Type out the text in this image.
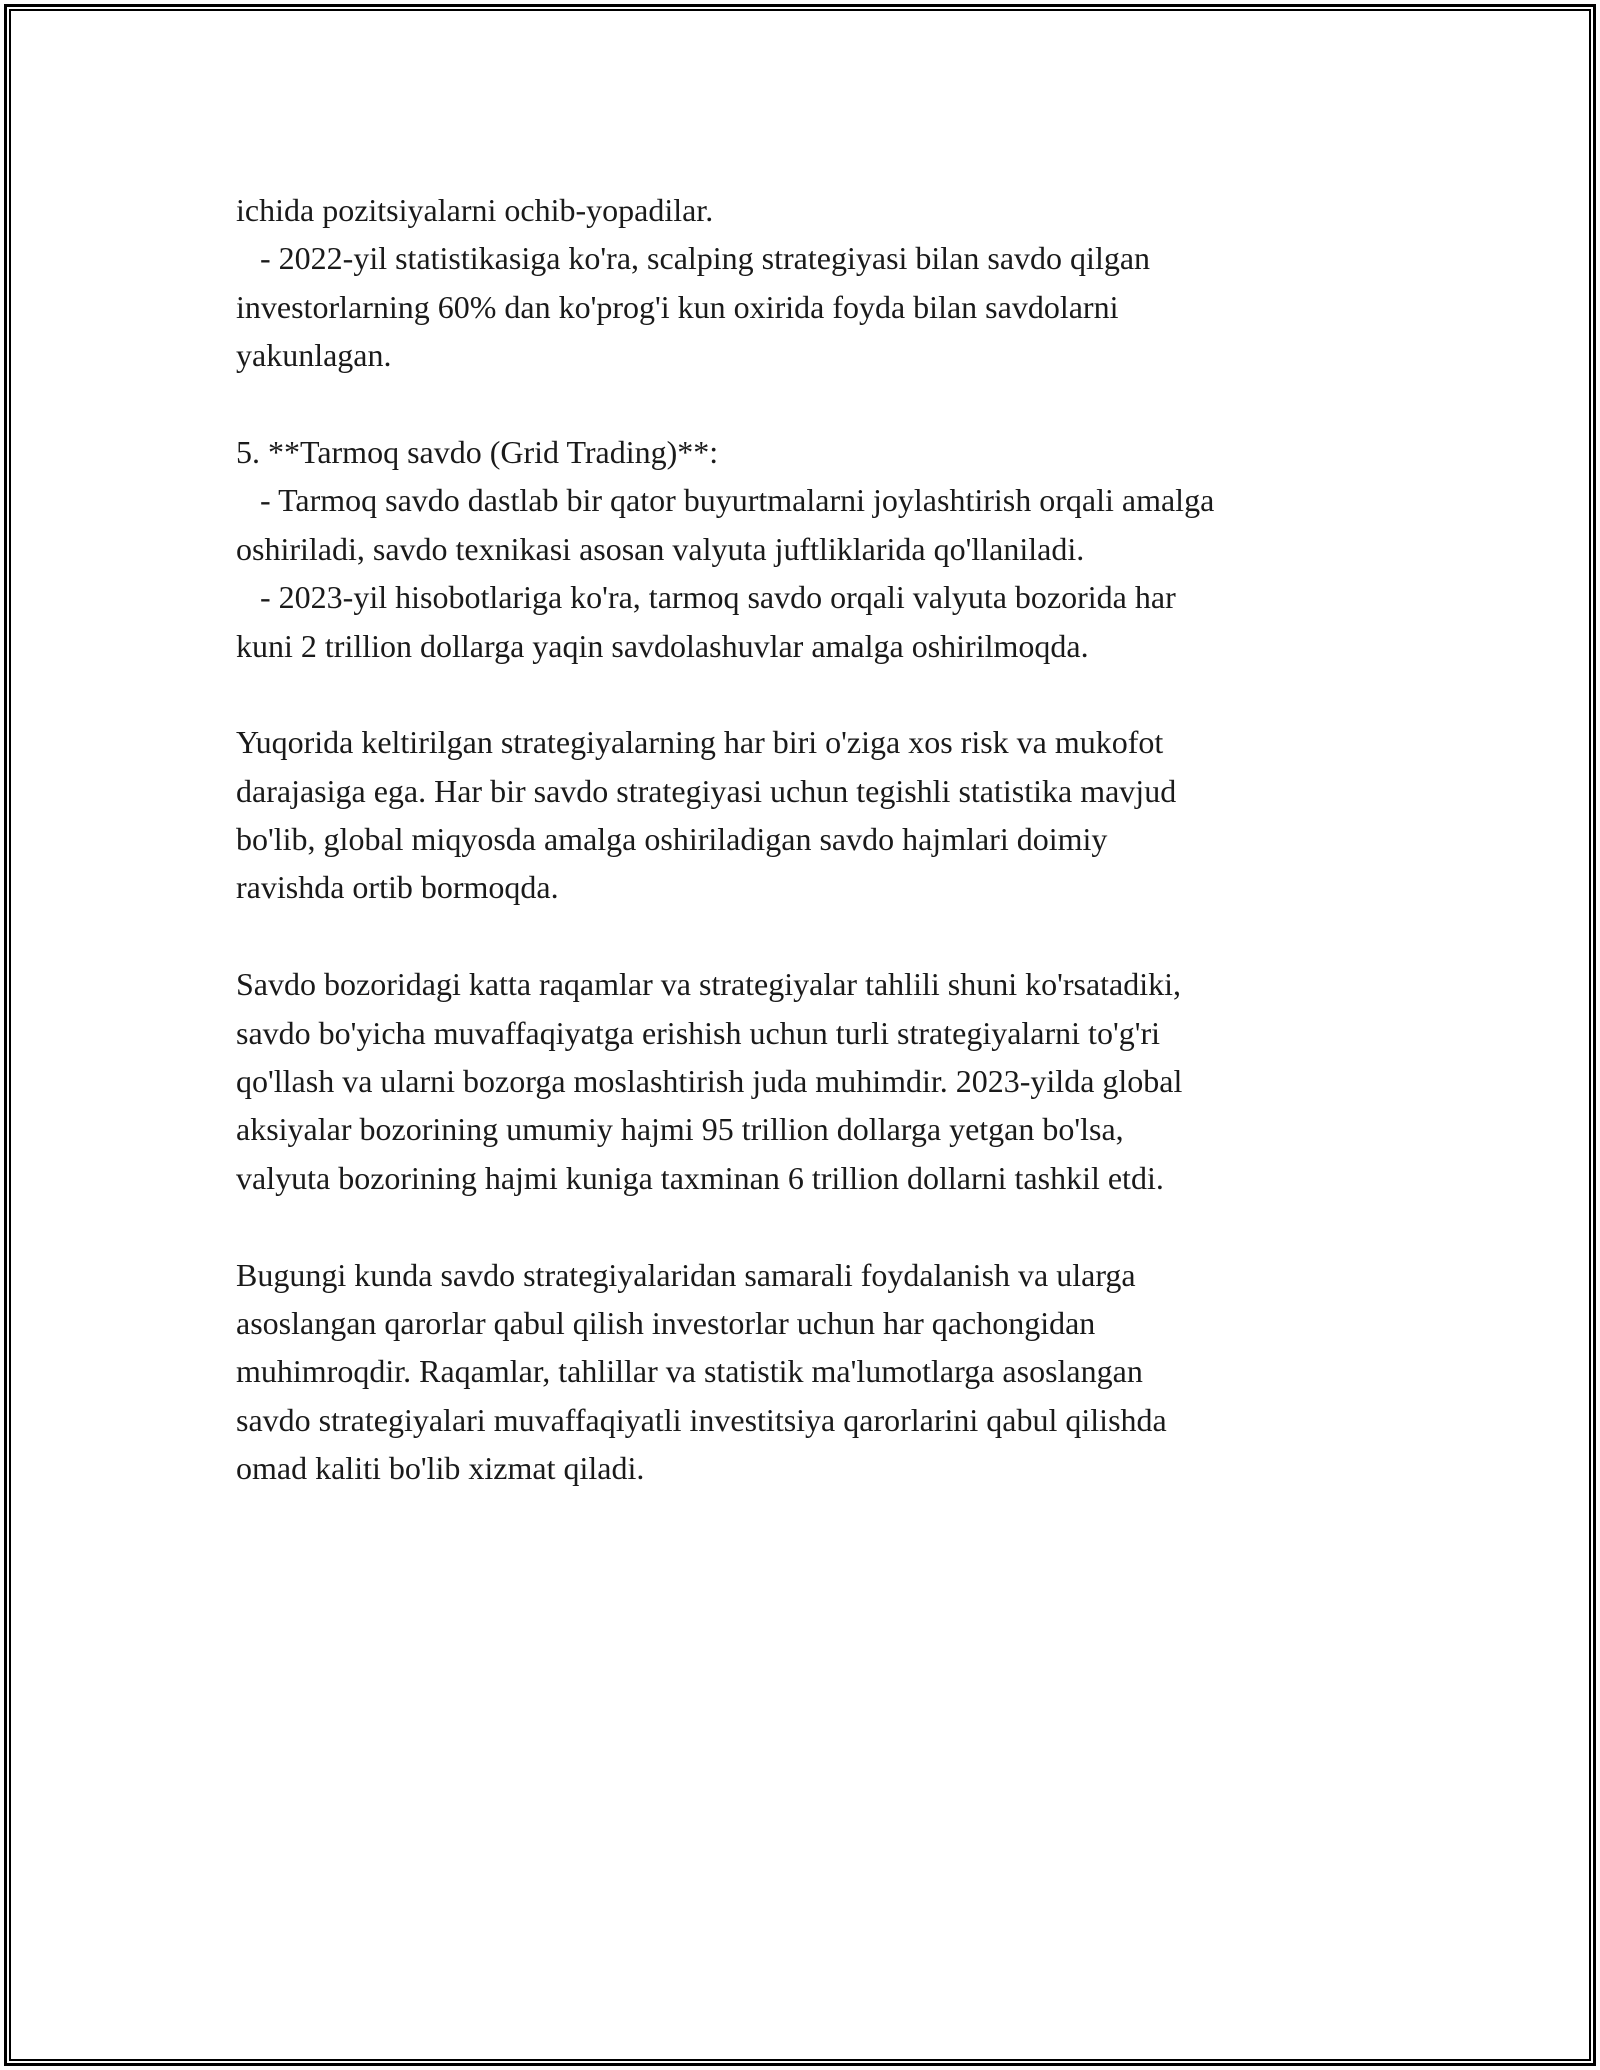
ichida pozitsiyalarni ochib-yopadilar.
- 2022-yil statistikasiga ko'ra, scalping strategiyasi bilan savdo qilgan
investorlarning 60% dan ko'prog'i kun oxirida foyda bilan savdolarni
yakunlagan.
5. **Tarmoq savdo (Grid Trading)**:
- Tarmoq savdo dastlab bir qator buyurtmalarni joylashtirish orqali amalga
oshiriladi, savdo texnikasi asosan valyuta juftliklarida qo'llaniladi.
- 2023-yil hisobotlariga ko'ra, tarmoq savdo orqali valyuta bozorida har
kuni 2 trillion dollarga yaqin savdolashuvlar amalga oshirilmoqda.
Yuqorida keltirilgan strategiyalarning har biri o'ziga xos risk va mukofot
darajasiga ega. Har bir savdo strategiyasi uchun tegishli statistika mavjud
bo'lib, global miqyosda amalga oshiriladigan savdo hajmlari doimiy
ravishda ortib bormoqda.
Savdo bozoridagi katta raqamlar va strategiyalar tahlili shuni ko'rsatadiki,
savdo bo'yicha muvaffaqiyatga erishish uchun turli strategiyalarni to'g'ri
qo'llash va ularni bozorga moslashtirish juda muhimdir. 2023-yilda global
aksiyalar bozorining umumiy hajmi 95 trillion dollarga yetgan bo'lsa,
valyuta bozorining hajmi kuniga taxminan 6 trillion dollarni tashkil etdi.
Bugungi kunda savdo strategiyalaridan samarali foydalanish va ularga
asoslangan qarorlar qabul qilish investorlar uchun har qachongidan
muhimroqdir. Raqamlar, tahlillar va statistik ma'lumotlarga asoslangan
savdo strategiyalari muvaffaqiyatli investitsiya qarorlarini qabul qilishda
omad kaliti bo'lib xizmat qiladi.
